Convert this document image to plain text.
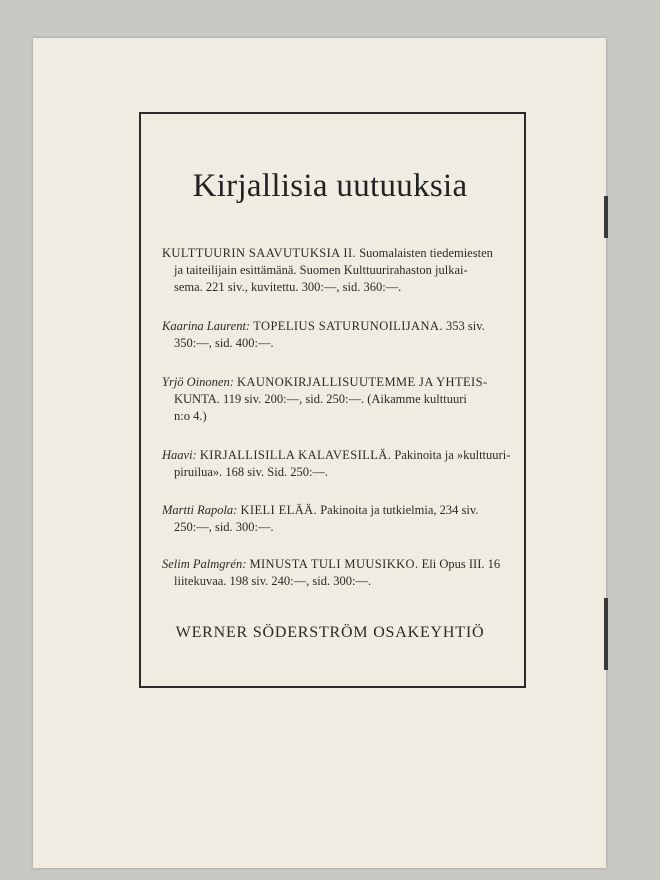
Kirjallisia uutuuksia
KULTTUURIN SAAVUTUKSIA II. Suomalaisten tiedemiesten
ja taiteilijain esittämänä. Suomen Kulttuurirahaston julkai-
sema. 221 siv., kuvitettu. 300:—, sid. 360:—.
Kaarina Laurent: TOPELIUS SATURUNOILIJANA. 353 siv.
350:—, sid. 400:—.
Yrjö Oinonen: KAUNOKIRJALLISUUTEMME JA YHTEIS-
KUNTA. 119 siv. 200:—, sid. 250:—. (Aikamme kulttuuri
n:o 4.)
Haavi: KIRJALLISILLA KALAVESILLÄ. Pakinoita ja »kulttuuri-
piruilua». 168 siv. Sid. 250:—.
Martti Rapola: KIELI ELÄÄ. Pakinoita ja tutkielmia, 234 siv.
250:—, sid. 300:—.
Selim Palmgrén: MINUSTA TULI MUUSIKKO. Eli Opus III. 16
liitekuvaa. 198 siv. 240:—, sid. 300:—.
WERNER SÖDERSTRÖM OSAKEYHTIÖ
